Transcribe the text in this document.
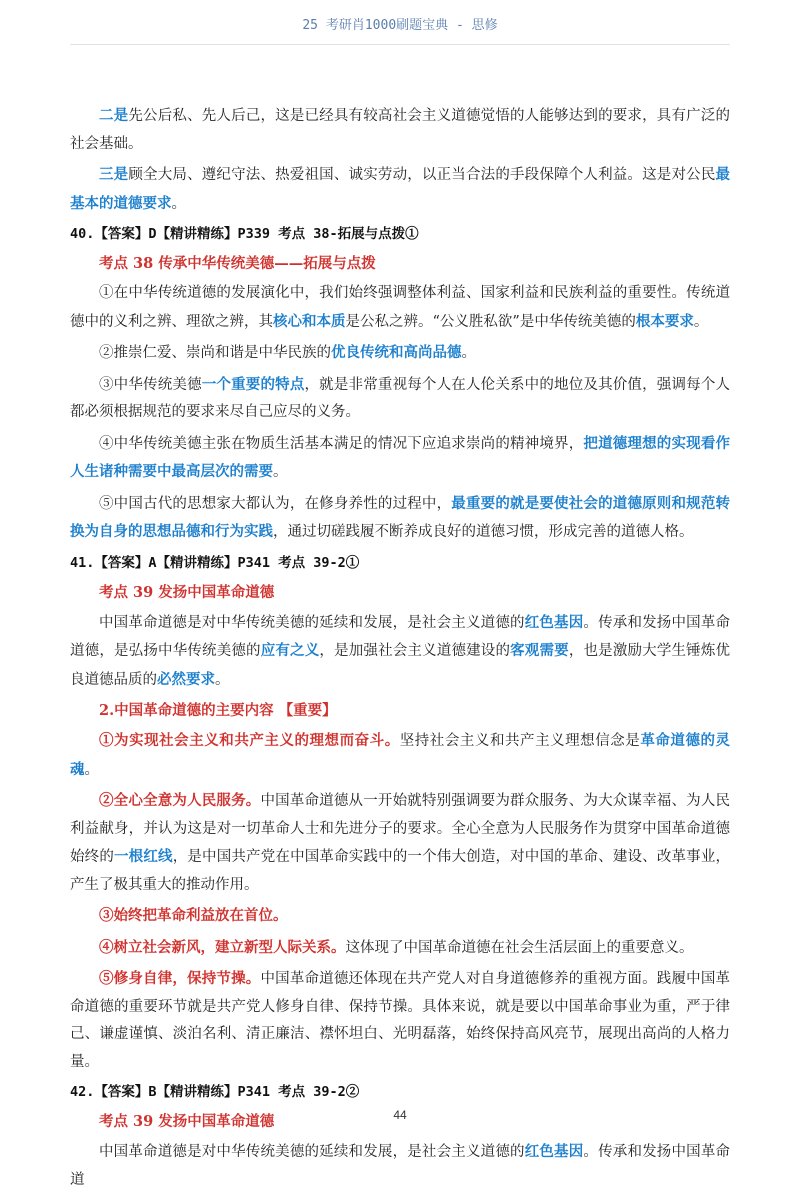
25 考研肖1000刷题宝典 - 思修

二是先公后私、先人后己，这是已经具有较高社会主义道德觉悟的人能够达到的要求，具有广泛的社会基础。

三是顾全大局、遵纪守法、热爱祖国、诚实劳动，以正当合法的手段保障个人利益。这是对公民最基本的道德要求。

40.【答案】D【精讲精练】P339 考点 38-拓展与点拨①
考点 38 传承中华传统美德——拓展与点拨

①在中华传统道德的发展演化中，我们始终强调整体利益、国家利益和民族利益的重要性。传统道德中的义利之辨、理欲之辨，其核心和本质是公私之辨。“公义胜私欲”是中华传统美德的根本要求。

②推崇仁爱、崇尚和谐是中华民族的优良传统和高尚品德。

③中华传统美德一个重要的特点，就是非常重视每个人在人伦关系中的地位及其价值，强调每个人都必须根据规范的要求来尽自己应尽的义务。

④中华传统美德主张在物质生活基本满足的情况下应追求崇尚的精神境界，把道德理想的实现看作人生诸种需要中最高层次的需要。

⑤中国古代的思想家大都认为，在修身养性的过程中，最重要的就是要使社会的道德原则和规范转换为自身的思想品德和行为实践，通过切磋践履不断养成良好的道德习惯，形成完善的道德人格。

41.【答案】A【精讲精练】P341 考点 39-2①
考点 39 发扬中国革命道德

中国革命道德是对中华传统美德的延续和发展，是社会主义道德的红色基因。传承和发扬中国革命道德，是弘扬中华传统美德的应有之义，是加强社会主义道德建设的客观需要，也是激励大学生锤炼优良道德品质的必然要求。

2.中国革命道德的主要内容 【重要】

①为实现社会主义和共产主义的理想而奋斗。坚持社会主义和共产主义理想信念是革命道德的灵魂。

②全心全意为人民服务。中国革命道德从一开始就特别强调要为群众服务、为大众谋幸福、为人民利益献身，并认为这是对一切革命人士和先进分子的要求。全心全意为人民服务作为贯穿中国革命道德始终的一根红线，是中国共产党在中国革命实践中的一个伟大创造，对中国的革命、建设、改革事业，产生了极其重大的推动作用。

③始终把革命利益放在首位。

④树立社会新风，建立新型人际关系。这体现了中国革命道德在社会生活层面上的重要意义。

⑤修身自律，保持节操。中国革命道德还体现在共产党人对自身道德修养的重视方面。践履中国革命道德的重要环节就是共产党人修身自律、保持节操。具体来说，就是要以中国革命事业为重，严于律己、谦虚谨慎、淡泊名利、清正廉洁、襟怀坦白、光明磊落，始终保持高风亮节，展现出高尚的人格力量。

42.【答案】B【精讲精练】P341 考点 39-2②
考点 39 发扬中国革命道德

中国革命道德是对中华传统美德的延续和发展，是社会主义道德的红色基因。传承和发扬中国革命道

44
